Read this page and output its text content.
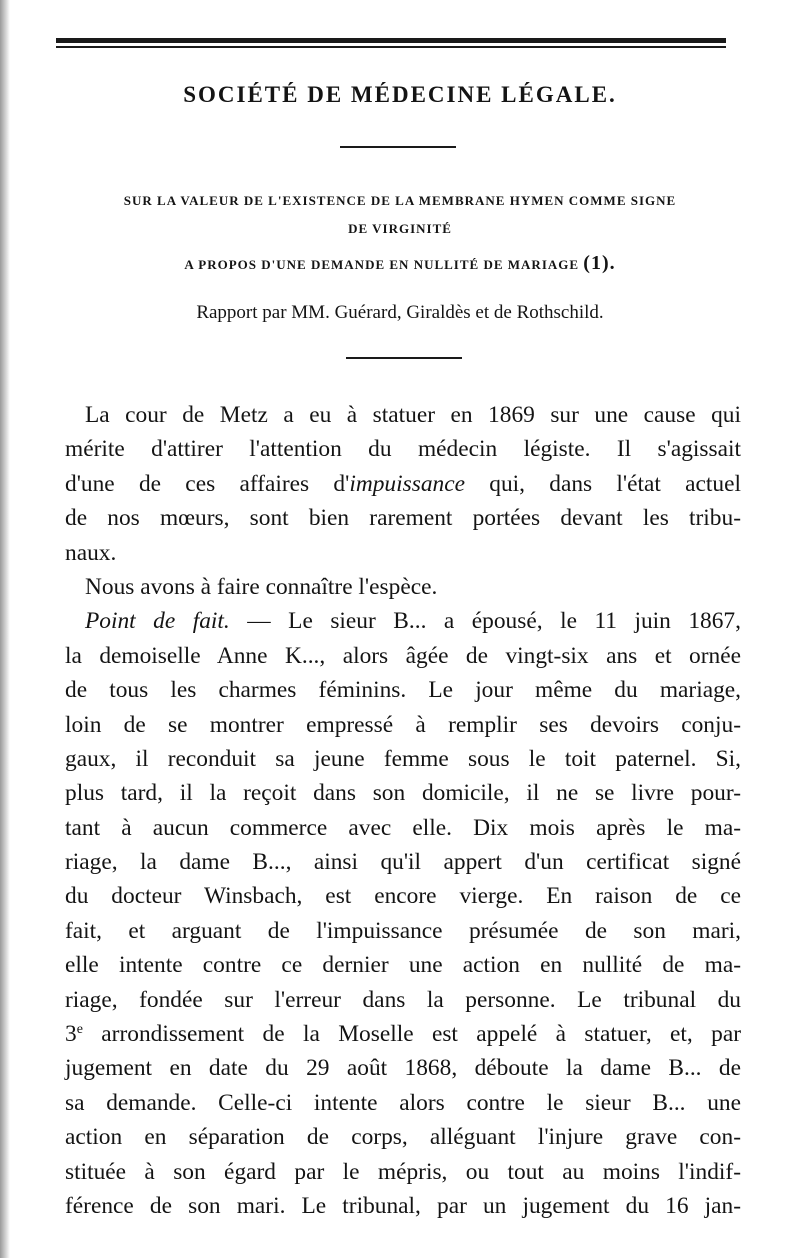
SOCIÉTÉ DE MÉDECINE LÉGALE.
SUR LA VALEUR DE L'EXISTENCE DE LA MEMBRANE HYMEN COMME SIGNE
DE VIRGINITÉ
A PROPOS D'UNE DEMANDE EN NULLITÉ DE MARIAGE (1).
Rapport par MM. Guérard, Giraldès et de Rothschild.
La cour de Metz a eu à statuer en 1869 sur une cause qui
mérite d'attirer l'attention du médecin légiste. Il s'agissait
d'une de ces affaires d'impuissance qui, dans l'état actuel
de nos mœurs, sont bien rarement portées devant les tribu-
naux.
Nous avons à faire connaître l'espèce.
Point de fait. — Le sieur B... a épousé, le 11 juin 1867,
la demoiselle Anne K..., alors âgée de vingt-six ans et ornée
de tous les charmes féminins. Le jour même du mariage,
loin de se montrer empressé à remplir ses devoirs conju-
gaux, il reconduit sa jeune femme sous le toit paternel. Si,
plus tard, il la reçoit dans son domicile, il ne se livre pour-
tant à aucun commerce avec elle. Dix mois après le ma-
riage, la dame B..., ainsi qu'il appert d'un certificat signé
du docteur Winsbach, est encore vierge. En raison de ce
fait, et arguant de l'impuissance présumée de son mari,
elle intente contre ce dernier une action en nullité de ma-
riage, fondée sur l'erreur dans la personne. Le tribunal du
3e arrondissement de la Moselle est appelé à statuer, et, par
jugement en date du 29 août 1868, déboute la dame B... de
sa demande. Celle-ci intente alors contre le sieur B... une
action en séparation de corps, alléguant l'injure grave con-
stituée à son égard par le mépris, ou tout au moins l'indif-
férence de son mari. Le tribunal, par un jugement du 16 jan-
